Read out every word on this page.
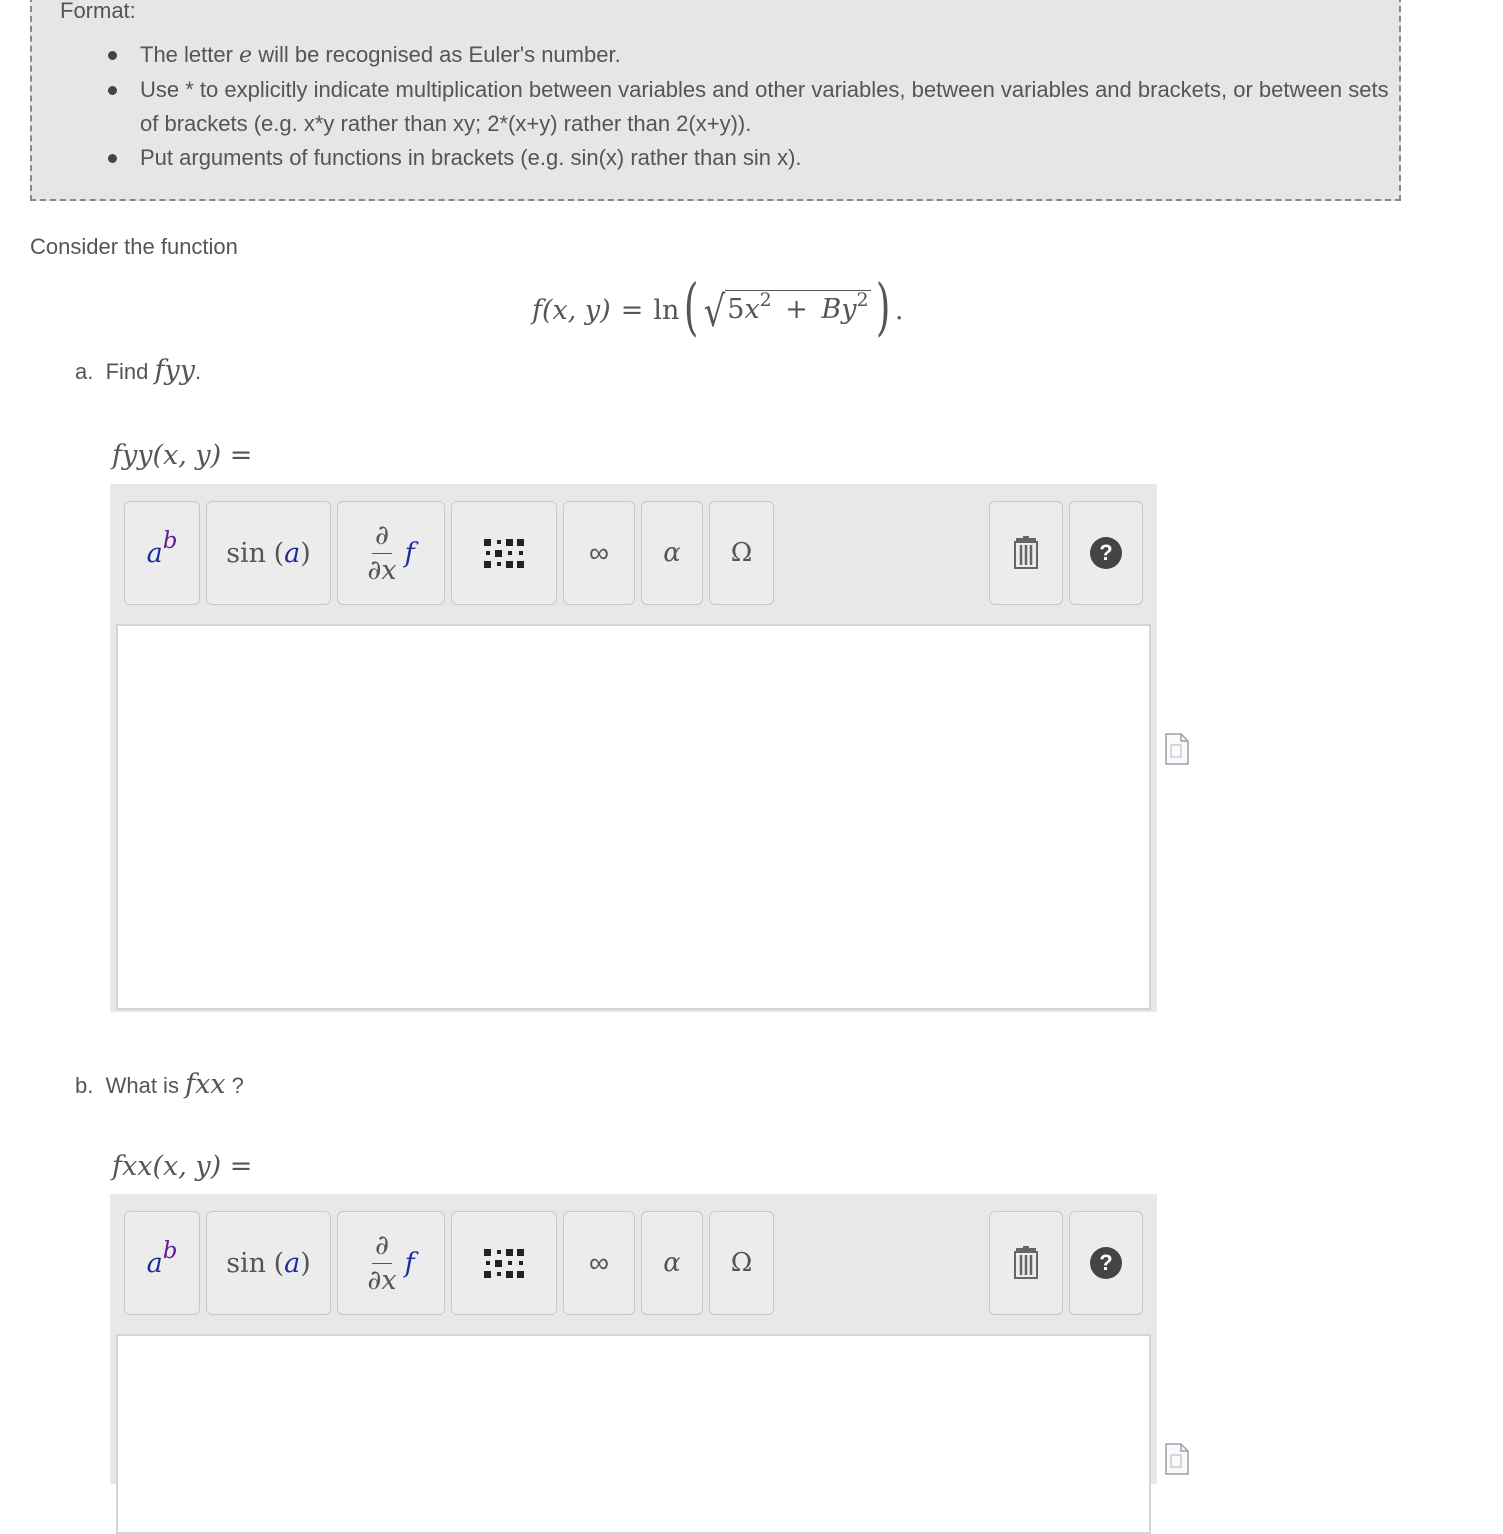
Format:
The letter e will be recognised as Euler's number.
Use * to explicitly indicate multiplication between variables and other variables, between variables and brackets, or between sets of brackets (e.g. x*y rather than xy; 2*(x+y) rather than 2(x+y)).
Put arguments of functions in brackets (e.g. sin(x) rather than sin x).
Consider the function
f(x, y) = ln ( √ $5x^2 + By^2$ ) .
a. Find fyy.
fyy(x, y) =
a b sin
( a ) $\frac{\partial}{\partial x}$ f	∞	α	Ω	?
b. What is fxx ?
fxx(x, y) =
a b sin
( a ) $\frac{\partial}{\partial x}$ f	∞	α	Ω	?
